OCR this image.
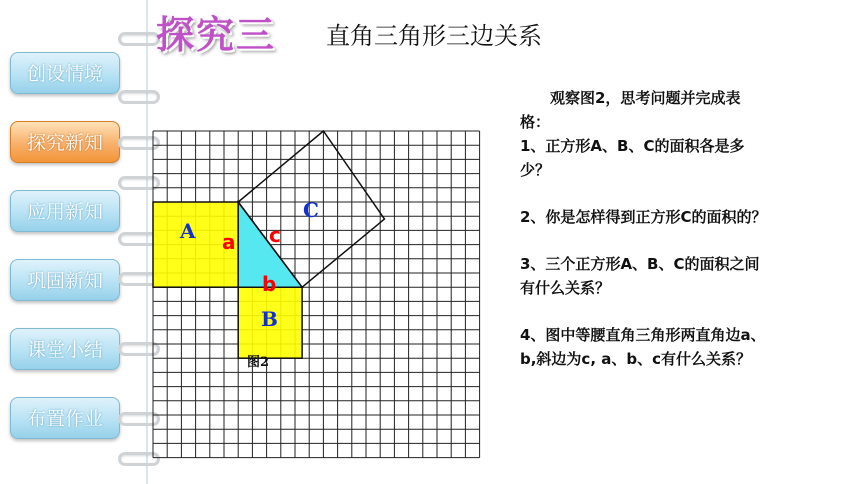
创设情境
探究新知
应用新知
巩固新知
课堂小结
布置作业
探究三 直角三角形三边关系
A
B
C
a
b
c
图2

观察图2，思考问题并完成表格：

1、正方形A、B、C的面积各是多少？

2、你是怎样得到正方形C的面积的？

3、三个正方形A、B、C的面积之间有什么关系？

4、图中等腰直角三角形两直角边a、b,斜边为c, a、b、c有什么关系？
